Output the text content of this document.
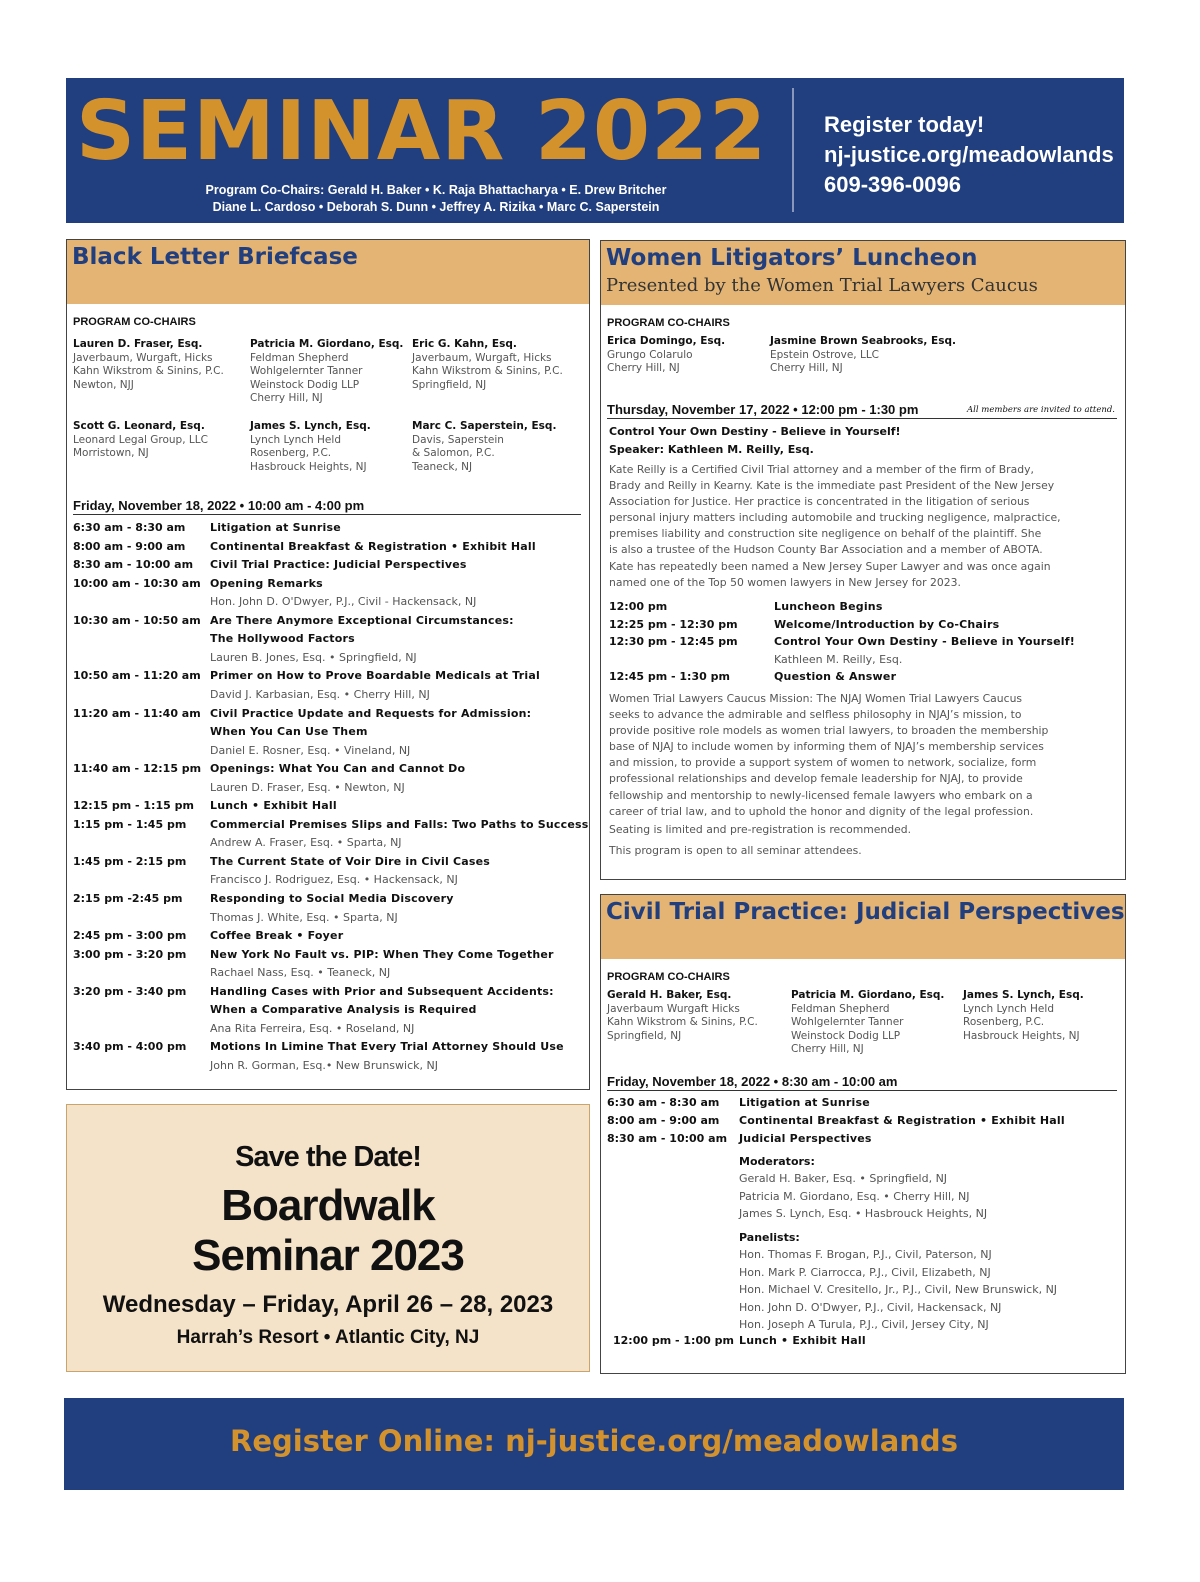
SEMINAR 2022
Program Co-Chairs: Gerald H. Baker • K. Raja Bhattacharya • E. Drew Britcher
Diane L. Cardoso • Deborah S. Dunn • Jeffrey A. Rizika • Marc C. Saperstein
Register today!
nj-justice.org/meadowlands
609-396-0096
Black Letter Briefcase
PROGRAM CO-CHAIRS
Lauren D. Fraser, Esq.
Javerbaum, Wurgaft, Hicks
Kahn Wikstrom & Sinins, P.C.
Newton, NJJ
Patricia M. Giordano, Esq.
Feldman Shepherd
Wohlgelernter Tanner
Weinstock Dodig LLP
Cherry Hill, NJ
Eric G. Kahn, Esq.
Javerbaum, Wurgaft, Hicks
Kahn Wikstrom & Sinins, P.C.
Springfield, NJ
Scott G. Leonard, Esq.
Leonard Legal Group, LLC
Morristown, NJ
James S. Lynch, Esq.
Lynch Lynch Held
Rosenberg, P.C.
Hasbrouck Heights, NJ
Marc C. Saperstein, Esq.
Davis, Saperstein
& Salomon, P.C.
Teaneck, NJ
Friday, November 18, 2022 • 10:00 am - 4:00 pm
6:30 am - 8:30 am Litigation at Sunrise
8:00 am - 9:00 am Continental Breakfast & Registration • Exhibit Hall
8:30 am - 10:00 am Civil Trial Practice: Judicial Perspectives
10:00 am - 10:30 am Opening Remarks
Hon. John D. O'Dwyer, P.J., Civil - Hackensack, NJ
10:30 am - 10:50 am Are There Anymore Exceptional Circumstances:
The Hollywood Factors
Lauren B. Jones, Esq. • Springfield, NJ
10:50 am - 11:20 am Primer on How to Prove Boardable Medicals at Trial
David J. Karbasian, Esq. • Cherry Hill, NJ
11:20 am - 11:40 am Civil Practice Update and Requests for Admission:
When You Can Use Them
Daniel E. Rosner, Esq. • Vineland, NJ
11:40 am - 12:15 pm Openings: What You Can and Cannot Do
Lauren D. Fraser, Esq. • Newton, NJ
12:15 pm - 1:15 pm Lunch • Exhibit Hall
1:15 pm - 1:45 pm Commercial Premises Slips and Falls: Two Paths to Success
Andrew A. Fraser, Esq. • Sparta, NJ
1:45 pm - 2:15 pm The Current State of Voir Dire in Civil Cases
Francisco J. Rodriguez, Esq. • Hackensack, NJ
2:15 pm -2:45 pm	Responding to Social Media Discovery
Thomas J. White, Esq. • Sparta, NJ
2:45 pm - 3:00 pm Coffee Break • Foyer
3:00 pm - 3:20 pm New York No Fault vs. PIP: When They Come Together
Rachael Nass, Esq. • Teaneck, NJ
3:20 pm - 3:40 pm Handling Cases with Prior and Subsequent Accidents:
When a Comparative Analysis is Required
Ana Rita Ferreira, Esq. • Roseland, NJ
3:40 pm - 4:00 pm Motions In Limine That Every Trial Attorney Should Use
John R. Gorman, Esq.• New Brunswick, NJ
Women Litigators’ Luncheon
Presented by the Women Trial Lawyers Caucus
PROGRAM CO-CHAIRS
Erica Domingo, Esq.
Grungo Colarulo
Cherry Hill, NJ
Jasmine Brown Seabrooks, Esq.
Epstein Ostrove, LLC
Cherry Hill, NJ
Thursday, November 17, 2022 • 12:00 pm - 1:30 pm	All members are invited to attend.
Control Your Own Destiny - Believe in Yourself!
Speaker: Kathleen M. Reilly, Esq.
Kate Reilly is a Certified Civil Trial attorney and a member of the firm of Brady,
Brady and Reilly in Kearny. Kate is the immediate past President of the New Jersey
Association for Justice. Her practice is concentrated in the litigation of serious
personal injury matters including automobile and trucking negligence, malpractice,
premises liability and construction site negligence on behalf of the plaintiff. She
is also a trustee of the Hudson County Bar Association and a member of ABOTA.
Kate has repeatedly been named a New Jersey Super Lawyer and was once again
named one of the Top 50 women lawyers in New Jersey for 2023.
12:00 pm	Luncheon Begins
12:25 pm - 12:30 pm	Welcome/Introduction by Co-Chairs
12:30 pm - 12:45 pm	Control Your Own Destiny - Believe in Yourself!
Kathleen M. Reilly, Esq.
12:45 pm - 1:30 pm	Question & Answer
Women Trial Lawyers Caucus Mission: The NJAJ Women Trial Lawyers Caucus
seeks to advance the admirable and selfless philosophy in NJAJ’s mission, to
provide positive role models as women trial lawyers, to broaden the membership
base of NJAJ to include women by informing them of NJAJ’s membership services
and mission, to provide a support system of women to network, socialize, form
professional relationships and develop female leadership for NJAJ, to provide
fellowship and mentorship to newly-licensed female lawyers who embark on a
career of trial law, and to uphold the honor and dignity of the legal profession.
Seating is limited and pre-registration is recommended.
This program is open to all seminar attendees.
Civil Trial Practice: Judicial Perspectives
PROGRAM CO-CHAIRS
Gerald H. Baker, Esq.
Javerbaum Wurgaft Hicks
Kahn Wikstrom & Sinins, P.C.
Springfield, NJ
Patricia M. Giordano, Esq.
Feldman Shepherd
Wohlgelernter Tanner
Weinstock Dodig LLP
Cherry Hill, NJ
James S. Lynch, Esq.
Lynch Lynch Held
Rosenberg, P.C.
Hasbrouck Heights, NJ
Friday, November 18, 2022 • 8:30 am - 10:00 am
6:30 am - 8:30 am Litigation at Sunrise
8:00 am - 9:00 am Continental Breakfast & Registration • Exhibit Hall
8:30 am - 10:00 am Judicial Perspectives
Moderators:
Gerald H. Baker, Esq. • Springfield, NJ
Patricia M. Giordano, Esq. • Cherry Hill, NJ
James S. Lynch, Esq. • Hasbrouck Heights, NJ
Panelists:
Hon. Thomas F. Brogan, P.J., Civil, Paterson, NJ
Hon. Mark P. Ciarrocca, P.J., Civil, Elizabeth, NJ
Hon. Michael V. Cresitello, Jr., P.J., Civil, New Brunswick, NJ
Hon. John D. O'Dwyer, P.J., Civil, Hackensack, NJ
Hon. Joseph A Turula, P.J., Civil, Jersey City, NJ
12:00 pm - 1:00 pm Lunch • Exhibit Hall
Save the Date!
Boardwalk
Seminar 2023
Wednesday – Friday, April 26 – 28, 2023
Harrah’s Resort • Atlantic City, NJ
Register Online: nj-justice.org/meadowlands
